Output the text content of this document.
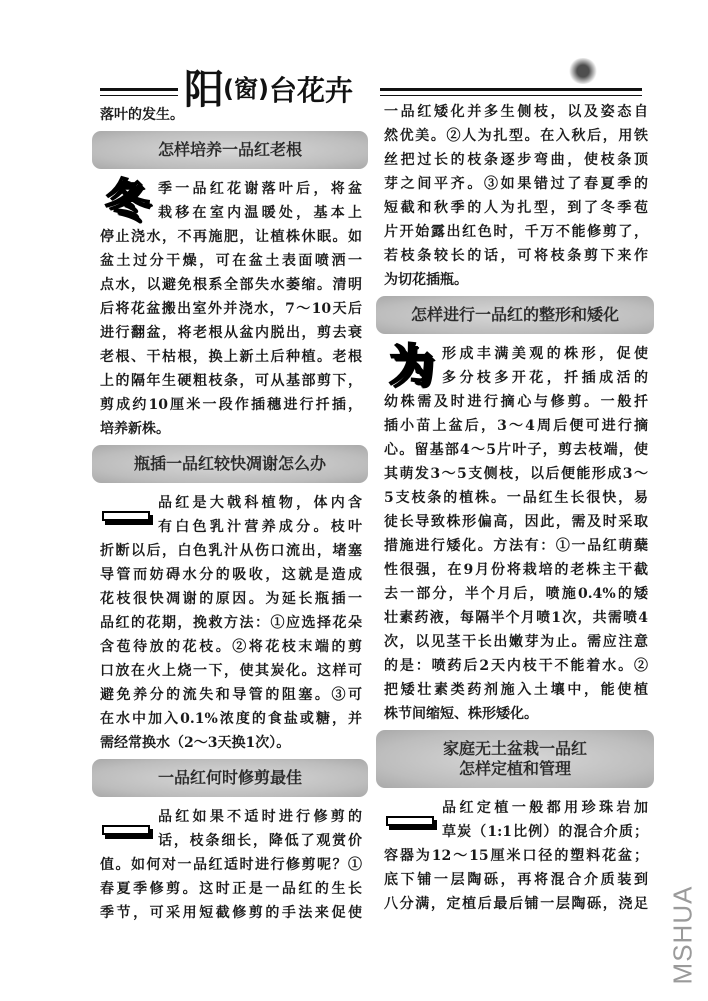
阳(窗)台花卉
落叶的发生。
怎样培养一品红老根
冬 季一品红花谢落叶后，将盆
栽移在室内温暖处，基本上
停止浇水，不再施肥，让植株休眠。如
盆土过分干燥，可在盆土表面喷洒一
点水，以避免根系全部失水萎缩。清明
后将花盆搬出室外并浇水，7～10天后
进行翻盆，将老根从盆内脱出，剪去衰
老根、干枯根，换上新土后种植。老根
上的隔年生硬粗枝条，可从基部剪下，
剪成约10厘米一段作插穗进行扦插，
培养新株。
瓶插一品红较快凋谢怎么办
品红是大戟科植物，体内含
有白色乳汁营养成分。枝叶
折断以后，白色乳汁从伤口流出，堵塞
导管而妨碍水分的吸收，这就是造成
花枝很快凋谢的原因。为延长瓶插一
品红的花期，挽救方法：①应选择花朵
含苞待放的花枝。②将花枝末端的剪
口放在火上烧一下，使其炭化。这样可
避免养分的流失和导管的阻塞。③可
在水中加入0.1%浓度的食盐或糖，并
需经常换水（2～3天换1次）。
一品红何时修剪最佳
品红如果不适时进行修剪的
话，枝条细长，降低了观赏价
值。如何对一品红适时进行修剪呢？①
春夏季修剪。这时正是一品红的生长
季节，可采用短截修剪的手法来促使
一品红矮化并多生侧枝，以及姿态自
然优美。②人为扎型。在入秋后，用铁
丝把过长的枝条逐步弯曲，使枝条顶
芽之间平齐。③如果错过了春夏季的
短截和秋季的人为扎型，到了冬季苞
片开始露出红色时，千万不能修剪了，
若枝条较长的话，可将枝条剪下来作
为切花插瓶。
怎样进行一品红的整形和矮化
为 形成丰满美观的株形，促使
多分枝多开花，扦插成活的
幼株需及时进行摘心与修剪。一般扦
插小苗上盆后，3～4周后便可进行摘
心。留基部4～5片叶子，剪去枝端，使
其萌发3～5支侧枝，以后便能形成3～
5支枝条的植株。一品红生长很快，易
徒长导致株形偏高，因此，需及时采取
措施进行矮化。方法有：①一品红萌蘖
性很强，在9月份将栽培的老株主干截
去一部分，半个月后，喷施0.4%的矮
壮素药液，每隔半个月喷1次，共需喷4
次，以见茎干长出嫩芽为止。需应注意
的是：喷药后2天内枝干不能着水。②
把矮壮素类药剂施入土壤中，能使植
株节间缩短、株形矮化。
家庭无土盆栽一品红
怎样定植和管理
品红定植一般都用珍珠岩加
草炭（1:1比例）的混合介质；
容器为12～15厘米口径的塑料花盆；
底下铺一层陶砾，再将混合介质装到
八分满，定植后最后铺一层陶砾，浇足 MSHUA
